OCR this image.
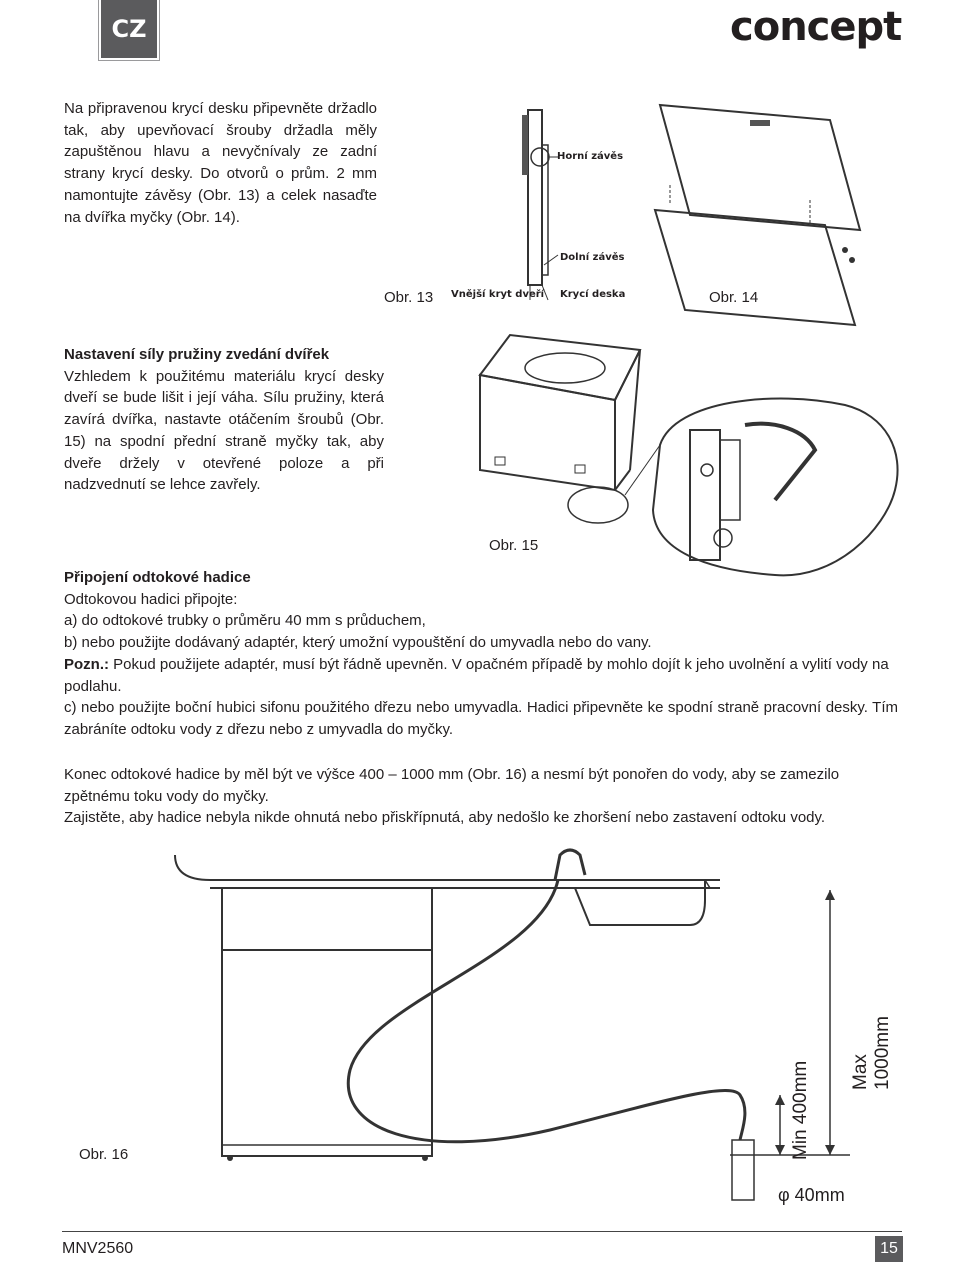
CZ	concept
Na připravenou krycí desku připevněte držadlo tak, aby upevňovací šrouby držadla měly zapuštěnou hlavu a nevyčnívaly ze zadní strany krycí desky. Do otvorů o prům. 2 mm namontujte závěsy (Obr. 13) a celek nasaďte na dvířka myčky (Obr. 14).
Horní závěs
Dolní závěs
Vnější kryt dveří Krycí deska
Obr. 13	Obr. 14
Nastavení síly pružiny zvedání dvířek
Vzhledem k použitému materiálu krycí desky dveří se bude lišit i její váha. Sílu pružiny, která zavírá dvířka, nastavte otáčením šroubů (Obr. 15) na spodní přední straně myčky tak, aby dveře držely v otevřené poloze a při nadzvednutí se lehce zavřely.
Obr. 15
Připojení odtokové hadice
Odtokovou hadici připojte:
a) do odtokové trubky o průměru 40 mm s průduchem,
b) nebo použijte dodávaný adaptér, který umožní vypouštění do umyvadla nebo do vany.
Pozn.: Pokud použijete adaptér, musí být řádně upevněn. V opačném případě by mohlo dojít k jeho uvolnění a vylití vody na podlahu.
c) nebo použijte boční hubici sifonu použitého dřezu nebo umyvadla. Hadici připevněte ke spodní straně pracovní desky. Tím zabráníte odtoku vody z dřezu nebo z umyvadla do myčky.
Konec odtokové hadice by měl být ve výšce 400 – 1000 mm (Obr. 16) a nesmí být ponořen do vody, aby se zamezilo zpětnému toku vody do myčky.
Zajistěte, aby hadice nebyla nikde ohnutá nebo přiskřípnutá, aby nedošlo ke zhoršení nebo zastavení odtoku vody.
Min 400mm Max 1000mm
φ 40mm
Obr. 16
MNV2560	15
